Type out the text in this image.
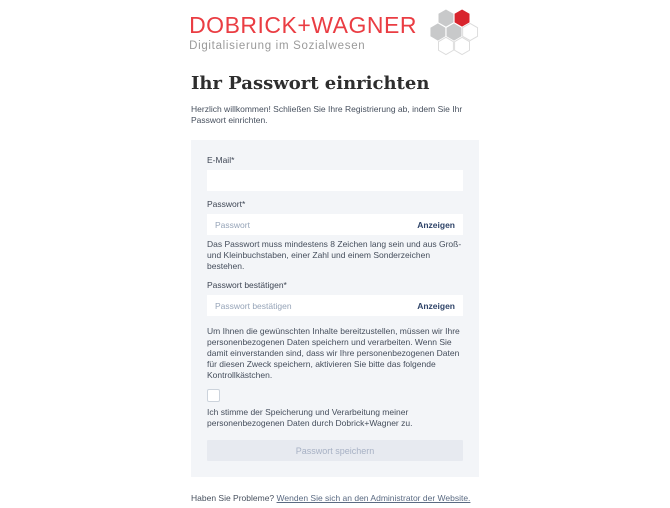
DOBRICK+WAGNER
Digitalisierung im Sozialwesen
Ihr Passwort einrichten

Herzlich willkommen! Schließen Sie Ihre Registrierung ab, indem Sie Ihr Passwort einrichten.

E-Mail*
Passwort*
Anzeigen

Das Passwort muss mindestens 8 Zeichen lang sein und aus Groß- und Kleinbuchstaben, einer Zahl und einem Sonderzeichen bestehen.

Passwort bestätigen*
Anzeigen

Um Ihnen die gewünschten Inhalte bereitzustellen, müssen wir Ihre personenbezogenen Daten speichern und verarbeiten. Wenn Sie damit einverstanden sind, dass wir Ihre personenbezogenen Daten für diesen Zweck speichern, aktivieren Sie bitte das folgende Kontrollkästchen.

Ich stimme der Speicherung und Verarbeitung meiner personenbezogenen Daten durch Dobrick+Wagner zu.
Passwort speichern
Haben Sie Probleme? Wenden Sie sich an den Administrator der Website.
